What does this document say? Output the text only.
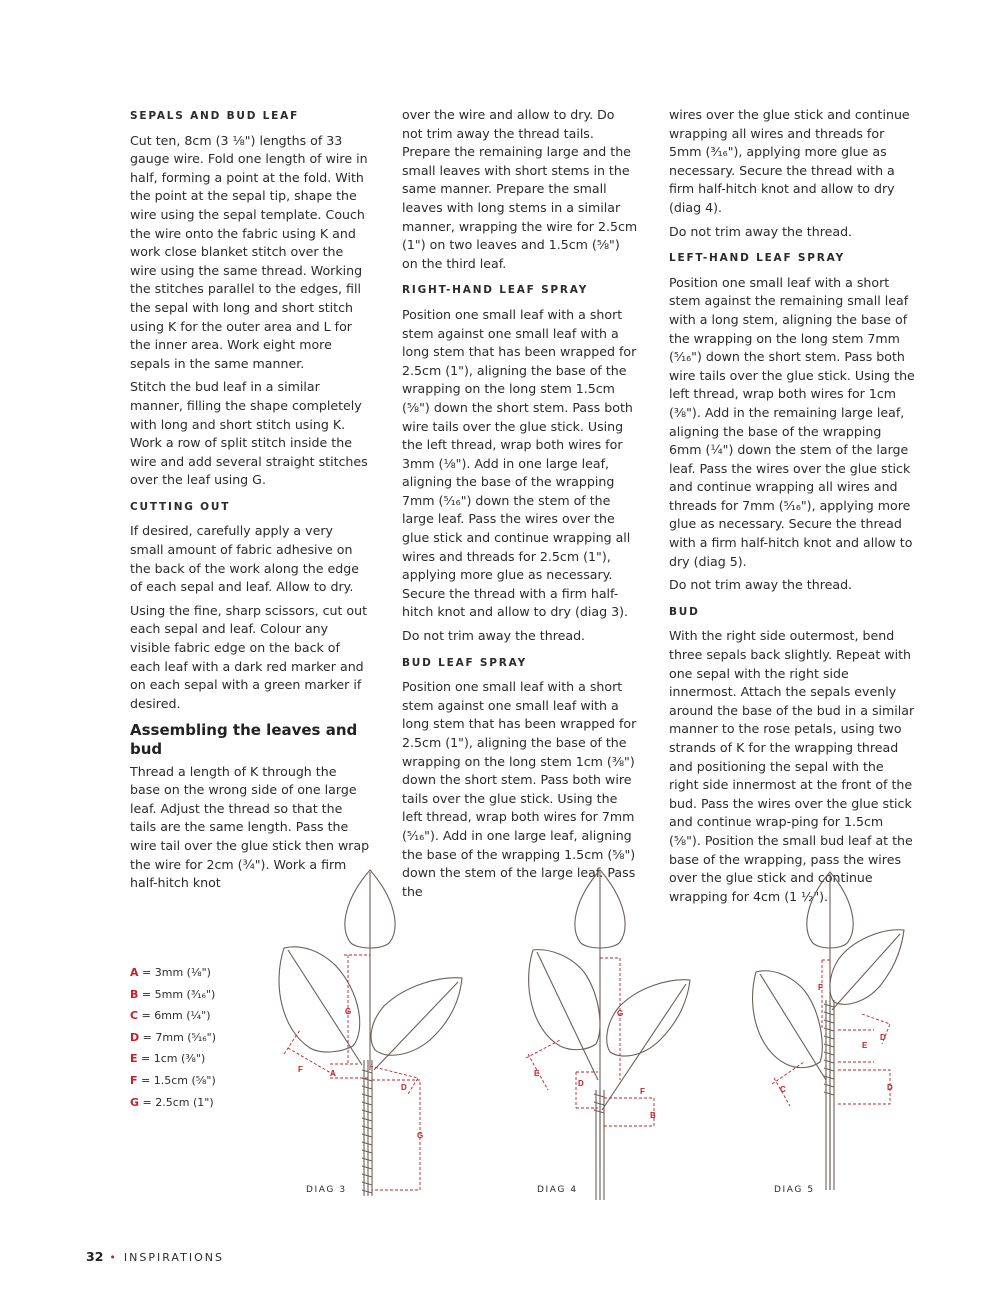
SEPALS AND BUD LEAF

Cut ten, 8cm (3 ⅛") lengths of 33 gauge wire. Fold one length of wire in half, forming a point at the fold. With the point at the sepal tip, shape the wire using the sepal template. Couch the wire onto the fabric using K and work close blanket stitch over the wire using the same thread. Working the stitches parallel to the edges, fill the sepal with long and short stitch using K for the outer area and L for the inner area. Work eight more sepals in the same manner.

Stitch the bud leaf in a similar manner, filling the shape completely with long and short stitch using K. Work a row of split stitch inside the wire and add several straight stitches over the leaf using G.

CUTTING OUT

If desired, carefully apply a very small amount of fabric adhesive on the back of the work along the edge of each sepal and leaf. Allow to dry.

Using the fine, sharp scissors, cut out each sepal and leaf. Colour any visible fabric edge on the back of each leaf with a dark red marker and on each sepal with a green marker if desired.

Assembling the leaves and bud

Thread a length of K through the base on the wrong side of one large leaf. Adjust the thread so that the tails are the same length. Pass the wire tail over the glue stick then wrap the wire for 2cm (¾"). Work a firm half-hitch knot

over the wire and allow to dry. Do not trim away the thread tails. Prepare the remaining large and the small leaves with short stems in the same manner. Prepare the small leaves with long stems in a similar manner, wrapping the wire for 2.5cm (1") on two leaves and 1.5cm (⅝") on the third leaf.

RIGHT-HAND LEAF SPRAY

Position one small leaf with a short stem against one small leaf with a long stem that has been wrapped for 2.5cm (1"), aligning the base of the wrapping on the long stem 1.5cm (⅝") down the short stem. Pass both wire tails over the glue stick. Using the left thread, wrap both wires for 3mm (⅛"). Add in one large leaf, aligning the base of the wrapping 7mm (⁵⁄₁₆") down the stem of the large leaf. Pass the wires over the glue stick and continue wrapping all wires and threads for 2.5cm (1"), applying more glue as necessary. Secure the thread with a firm half-hitch knot and allow to dry (diag 3).

Do not trim away the thread.

BUD LEAF SPRAY

Position one small leaf with a short stem against one small leaf with a long stem that has been wrapped for 2.5cm (1"), aligning the base of the wrapping on the long stem 1cm (⅜") down the short stem. Pass both wire tails over the glue stick. Using the left thread, wrap both wires for 7mm (⁵⁄₁₆"). Add in one large leaf, aligning the base of the wrapping 1.5cm (⅝") down the stem of the large leaf. Pass the

wires over the glue stick and continue wrapping all wires and threads for 5mm (³⁄₁₆"), applying more glue as necessary. Secure the thread with a firm half-hitch knot and allow to dry (diag 4).

Do not trim away the thread.

LEFT-HAND LEAF SPRAY

Position one small leaf with a short stem against the remaining small leaf with a long stem, aligning the base of the wrapping on the long stem 7mm (⁵⁄₁₆") down the short stem. Pass both wire tails over the glue stick. Using the left thread, wrap both wires for 1cm (⅜"). Add in the remaining large leaf, aligning the base of the wrapping 6mm (¼") down the stem of the large leaf. Pass the wires over the glue stick and continue wrapping all wires and threads for 7mm (⁵⁄₁₆"), applying more glue as necessary. Secure the thread with a firm half-hitch knot and allow to dry (diag 5).

Do not trim away the thread.

BUD

With the right side outermost, bend three sepals back slightly. Repeat with one sepal with the right side innermost. Attach the sepals evenly around the base of the bud in a similar manner to the rose petals, using two strands of K for the wrapping thread and positioning the sepal with the right side innermost at the front of the bud. Pass the wires over the glue stick and continue wrap-ping for 1.5cm (⅝"). Position the small bud leaf at the base of the wrapping, pass the wires over the glue stick and continue wrapping for 4cm (1 ½").

A = 3mm (⅛")
B = 5mm (³⁄₁₆")
C = 6mm (¼")
D = 7mm (⁵⁄₁₆")
E = 1cm (⅜")
F = 1.5cm (⅝")
G = 2.5cm (1")
G
A
D
F
G
G
E
D
F
B
F
E
D
C	D
DIAG 3	DIAG 4	DIAG 5
32 • INSPIRATIONS
